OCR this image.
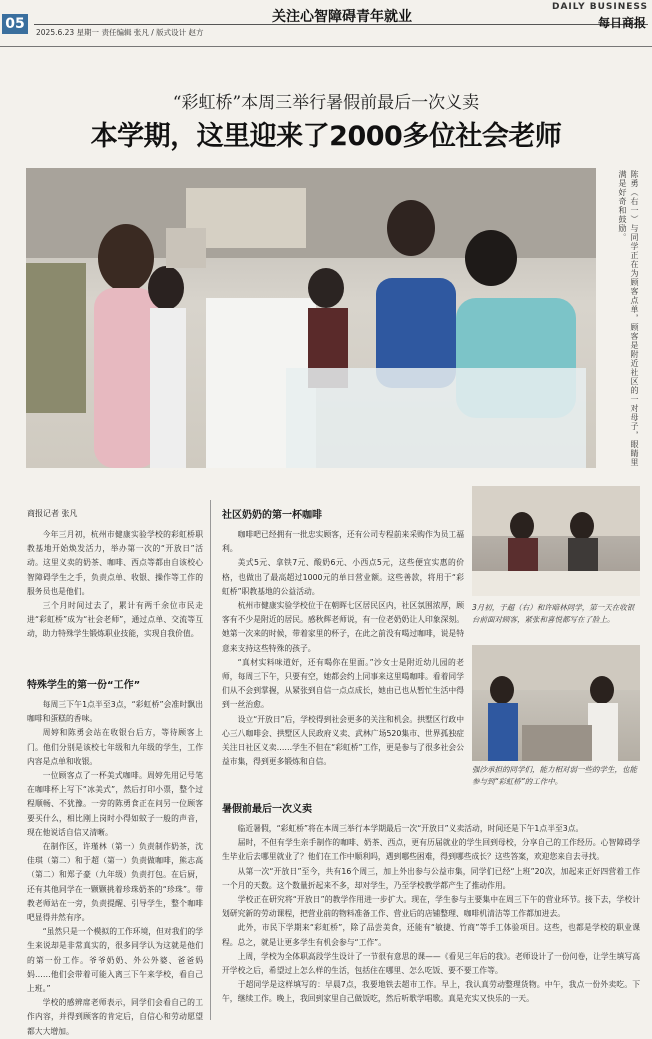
05	关注心智障碍青年就业
DAILY BUSINESS
每日商报
2025.6.23 星期一 责任编辑 张凡 / 版式设计 赵方
“彩虹桥”本周三举行暑假前最后一次义卖
本学期，这里迎来了2000多位社会老师
陈勇（右一）与同学正在为顾客点单，顾客是附近社区的一对母子，眼睛里满是好奇和鼓励。
商报记者 张凡

今年三月初，杭州市健康实验学校的彩虹桥职教基地开始焕发活力，举办第一次的“开放日”活动。这里义卖的奶茶、咖啡、西点等都由自该校心智障碍学生之手，负责点单、收银、操作等工作的服务员也是他们。

三个月时间过去了，累计有两千余位市民走进“彩虹桥”成为“社会老师”，通过点单、交流等互动，助力特殊学生锻炼职业技能，实现自我价值。

特殊学生的第一份“工作”

每周三下午1点半至3点，“彩虹桥”会准时飘出咖啡和蛋糕的香味。

周婷和陈勇会站在收银台后方，等待顾客上门。他们分别是该校七年级和九年级的学生，工作内容是点单和收银。

一位顾客点了一杯美式咖啡。周婷先用记号笔在咖啡杯上写下“冰美式”，然后打印小票，整个过程顺畅、不犹豫。一旁的陈勇食正在问另一位顾客要买什么，相比刚上岗时小得如蚊子一般的声音，现在他说话自信又清晰。

在制作区，许瑾林（第一）负责制作奶茶，沈佳琪（第二）和于超（第一）负责做咖啡，熊志高（第二）和郑子豪（九年级）负责打包。在后厨，还有其他同学在一颗颗挑着珍珠奶茶的“珍珠”。带教老师站在一旁，负责提醒、引导学生，整个咖啡吧显得井然有序。

“虽然只是一个模拟的工作环境，但对我们的学生来说却是非常真实的，很多同学认为这就是他们的第一份工作。爷爷奶奶、外公外婆、爸爸妈妈……他们会带着可能入离三下午来学校，看自己上班。”

学校的感辨席老师表示，同学们会看自己的工作内容，并得到顾客的肯定后，自信心和劳动愿望都大大增加。

社区奶奶的第一杯咖啡

咖啡吧已经拥有一批忠实顾客，还有公司专程前来采购作为员工福利。

美式5元、拿铁7元、酸奶6元、小西点5元，这些便宜实惠的价格，也做出了最高超过1000元的单日营业额。这些善款，将用于“彩虹桥”职教基地的公益活动。

杭州市健康实验学校位于在朝晖七区居民区内，社区氛围浓厚，顾客有不少是附近的居民。感秋辉老师说，有一位老奶奶让人印象深刻。她第一次来的时候，带着家里的杯子，在此之前没有喝过咖啡，说是特意来支持这些特殊的孩子。

“真材实料味道好，还有喝你在里面。”沙女士是附近幼儿园的老师，每周三下午，只要有空，她都会约上同事来这里喝咖啡。看着同学们从不会到掌握，从紧张到自信一点点成长，她由已也从暂忙生活中得到一丝治愈。

设立“开放日”后，学校得到社会更多的关注和机会。拱墅区行政中心三八咖啡会、拱墅区人民政府义卖、武林广场520集市、世界孤独症关注日社区义卖……学生不但在“彩虹桥”工作，更是参与了很多社会公益市集，得到更多锻炼和自信。

3月初，于超（右）和许暗林同学，第一天在收银台前面对顾客，紧张和喜悦都写在了脸上。
强沙承担的同学们，能力相对弱一些的学生，也能参与到“彩虹桥”的工作中。
暑假前最后一次义卖

临近暑假，“彩虹桥”将在本周三举行本学期最后一次“开放日”义卖活动，时间还是下午1点半至3点。

届时，不但有学生亲手制作的咖啡、奶茶、西点，更有历届就业的学生回到母校，分享自己的工作经历。心智障碍学生毕业后去哪里就业了？他们在工作中顺利吗，遇到哪些困难，得到哪些成长？这些答案，欢迎您来自去寻找。

从第一次“开放日”至今，共有16个周三，加上外出参与公益市集，同学们已经“上班”20次，加起来正好四营着工作一个月的天数。这个数量折起来不多，却对学生，乃至学校教学都产生了推动作用。

学校正在研究将“开放日”的教学作用进一步扩大。现在，学生参与主要集中在周三下午的营业环节。接下去，学校计划研究新的劳动课程，把营业前的物料准备工作、营业后的店铺整理、咖啡机清洁等工作都加进去。

此外，市民下学期来“彩虹桥”，除了品尝美食，还能有“敏捷、竹商”等手工体验项目。这些，也都是学校的职业课程。总之，就是让更多学生有机会参与“工作”。

上周，学校为全体职高段学生设计了一节很有意思的课——《看见三年后的我》。老师设计了一份问卷，让学生填写高开学校之后，希望过上怎么样的生活，包括住在哪里、怎么吃饭、要不要工作等。

于超同学是这样填写的：早晨7点，我要地铁去超市工作。早上，我认真劳动整理货物。中午，我点一份外卖吃。下午，继续工作。晚上，我回到家里自己做饭吃，然后听歌学唱歌。真是充实又快乐的一天。
